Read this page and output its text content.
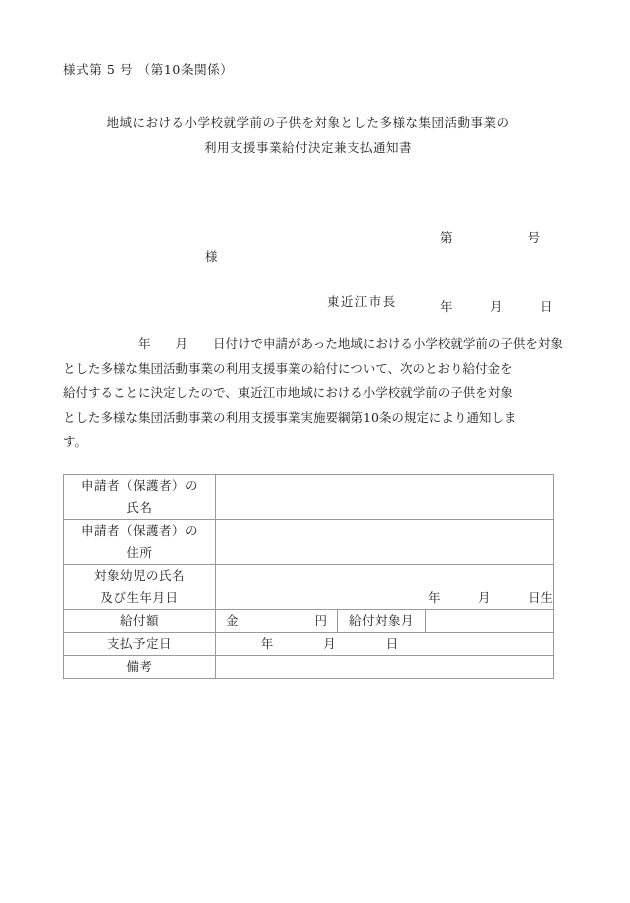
様式第 5 号 （第10条関係）
地域における小学校就学前の子供を対象とした多様な集団活動事業の
利用支援事業給付決定兼支払通知書

第　　　　　　号

年　　　月　　　日

様
東近江市長
　　　　　　年　　月　　日付けで申請があった地域における小学校就学前の子供を対象
とした多様な集団活動事業の利用支援事業の給付について、次のとおり給付金を
給付することに決定したので、東近江市地域における小学校就学前の子供を対象
とした多様な集団活動事業の利用支援事業実施要綱第10条の規定により通知しま
す。
申請者（保護者）の
氏名			

申請者（保護者）の
住所			

対象幼児の氏名
及び生年月日	年　　　月　　　日生		

給付額	金 円	給付対象月	
支払予定日	年　　　　月　　　　日		

備考			
